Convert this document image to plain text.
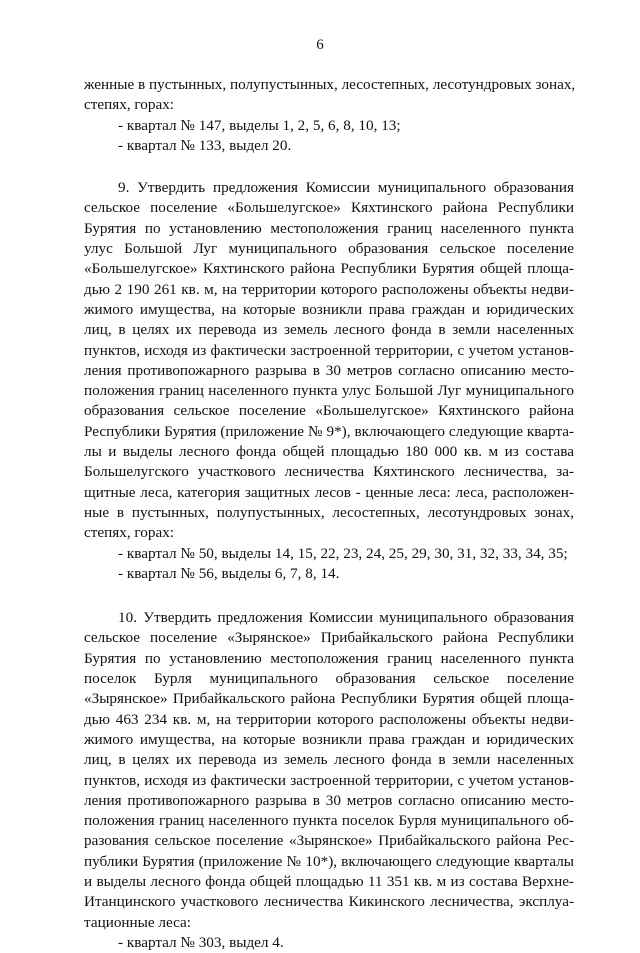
6
женные в пустынных, полупустынных, лесостепных, лесотундровых зонах,
степях, горах:
- квартал № 147, выделы 1, 2, 5, 6, 8, 10, 13;
- квартал № 133, выдел 20.
9. Утвердить предложения Комиссии муниципального образования
сельское поселение «Большелугское» Кяхтинского района Республики
Бурятия по установлению местоположения границ населенного пункта
улус Большой Луг муниципального образования сельское поселение
«Большелугское» Кяхтинского района Республики Бурятия общей площа-
дью 2 190 261 кв. м, на территории которого расположены объекты недви-
жимого имущества, на которые возникли права граждан и юридических
лиц, в целях их перевода из земель лесного фонда в земли населенных
пунктов, исходя из фактически застроенной территории, с учетом установ-
ления противопожарного разрыва в 30 метров согласно описанию место-
положения границ населенного пункта улус Большой Луг муниципального
образования сельское поселение «Большелугское» Кяхтинского района
Республики Бурятия (приложение № 9*), включающего следующие кварта-
лы и выделы лесного фонда общей площадью 180 000 кв. м из состава
Большелугского участкового лесничества Кяхтинского лесничества, за-
щитные леса, категория защитных лесов - ценные леса: леса, расположен-
ные в пустынных, полупустынных, лесостепных, лесотундровых зонах,
степях, горах:
- квартал № 50, выделы 14, 15, 22, 23, 24, 25, 29, 30, 31, 32, 33, 34, 35;
- квартал № 56, выделы 6, 7, 8, 14.
10. Утвердить предложения Комиссии муниципального образования
сельское поселение «Зырянское» Прибайкальского района Республики
Бурятия по установлению местоположения границ населенного пункта
поселок Бурля муниципального образования сельское поселение
«Зырянское» Прибайкальского района Республики Бурятия общей площа-
дью 463 234 кв. м, на территории которого расположены объекты недви-
жимого имущества, на которые возникли права граждан и юридических
лиц, в целях их перевода из земель лесного фонда в земли населенных
пунктов, исходя из фактически застроенной территории, с учетом установ-
ления противопожарного разрыва в 30 метров согласно описанию место-
положения границ населенного пункта поселок Бурля муниципального об-
разования сельское поселение «Зырянское» Прибайкальского района Рес-
публики Бурятия (приложение № 10*), включающего следующие кварталы
и выделы лесного фонда общей площадью 11 351 кв. м из состава Верхне-
Итанцинского участкового лесничества Кикинского лесничества, эксплуа-
тационные леса:
- квартал № 303, выдел 4.
